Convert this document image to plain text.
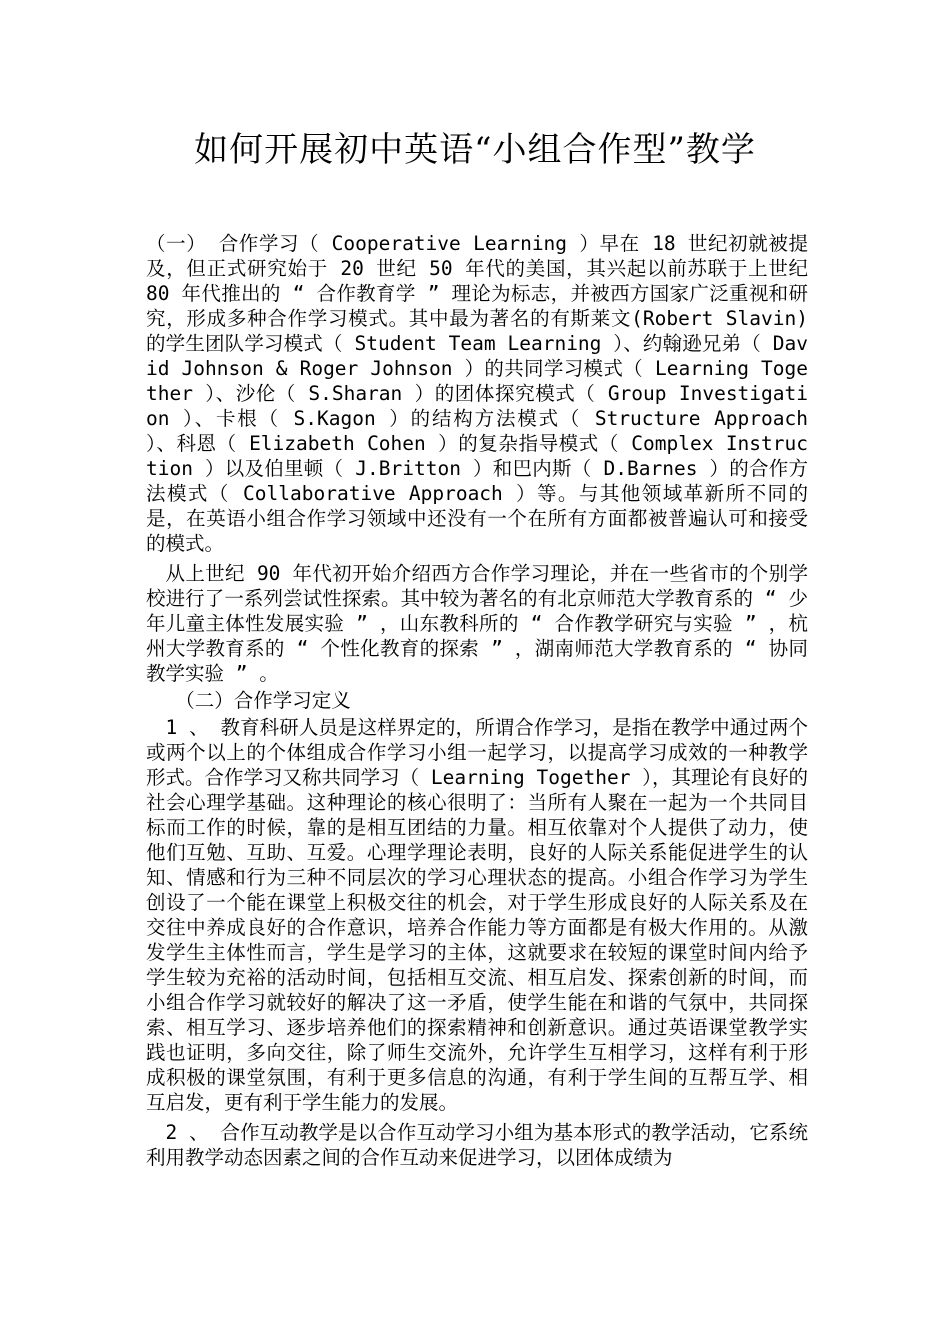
如何开展初中英语“小组合作型”教学

（一） 合作学习（ Cooperative Learning ）早在 18 世纪初就被提及，但正式研究始于 20 世纪 50 年代的美国，其兴起以前苏联于上世纪 80 年代推出的 “ 合作教育学 ” 理论为标志，并被西方国家广泛重视和研究，形成多种合作学习模式。其中最为著名的有斯莱文(Robert Slavin) 的学生团队学习模式（ Student Team Learning ）、约翰逊兄弟（ David Johnson & Roger Johnson ）的共同学习模式（ Learning Together ）、沙伦（ S.Sharan ）的团体探究模式（ Group Investigation ）、卡根（ S.Kagon ）的结构方法模式（ Structure Approach ）、科恩（ Elizabeth Cohen ）的复杂指导模式（ Complex Instruction ）以及伯里顿（ J.Britton ）和巴内斯（ D.Barnes ）的合作方法模式（ Collaborative Approach ）等。与其他领域革新所不同的是，在英语小组合作学习领域中还没有一个在所有方面都被普遍认可和接受的模式。

从上世纪 90 年代初开始介绍西方合作学习理论，并在一些省市的个别学校进行了一系列尝试性探索。其中较为著名的有北京师范大学教育系的 “ 少年儿童主体性发展实验 ” ，山东教科所的 “ 合作教学研究与实验 ” ，杭州大学教育系的 “ 个性化教育的探索 ” ，湖南师范大学教育系的 “ 协同教学实验 ” 。

（二）合作学习定义

1 、 教育科研人员是这样界定的，所谓合作学习，是指在教学中通过两个或两个以上的个体组成合作学习小组一起学习，以提高学习成效的一种教学形式。合作学习又称共同学习（ Learning Together ），其理论有良好的社会心理学基础。这种理论的核心很明了：当所有人聚在一起为一个共同目标而工作的时候，靠的是相互团结的力量。相互依靠对个人提供了动力，使他们互勉、互助、互爱。心理学理论表明，良好的人际关系能促进学生的认知、情感和行为三种不同层次的学习心理状态的提高。小组合作学习为学生创设了一个能在课堂上积极交往的机会，对于学生形成良好的人际关系及在交往中养成良好的合作意识，培养合作能力等方面都是有极大作用的。从激发学生主体性而言，学生是学习的主体，这就要求在较短的课堂时间内给予学生较为充裕的活动时间，包括相互交流、相互启发、探索创新的时间，而小组合作学习就较好的解决了这一矛盾，使学生能在和谐的气氛中，共同探索、相互学习、逐步培养他们的探索精神和创新意识。通过英语课堂教学实践也证明，多向交往，除了师生交流外，允许学生互相学习，这样有利于形成积极的课堂氛围，有利于更多信息的沟通，有利于学生间的互帮互学、相互启发，更有利于学生能力的发展。

2 、 合作互动教学是以合作互动学习小组为基本形式的教学活动，它系统利用教学动态因素之间的合作互动来促进学习，以团体成绩为
